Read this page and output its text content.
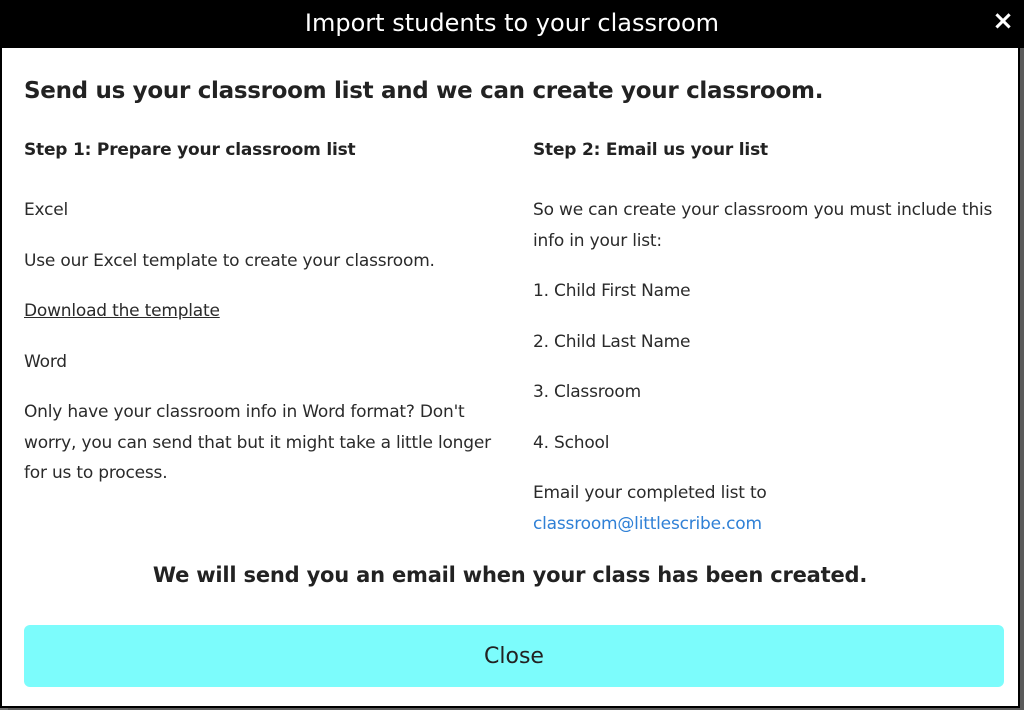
Import students to your classroom	×
Send us your classroom list and we can create your classroom.
Step 1: Prepare your classroom list

Excel

Use our Excel template to create your classroom.

Download the template

Word

Only have your classroom info in Word format? Don't worry, you can send that but it might take a little longer for us to process.

Step 2: Email us your list

So we can create your classroom you must include this info in your list:

1. Child First Name

2. Child Last Name

3. Classroom

4. School

Email your completed list to
classroom@littlescribe.com

We will send you an email when your class has been created.
Close
